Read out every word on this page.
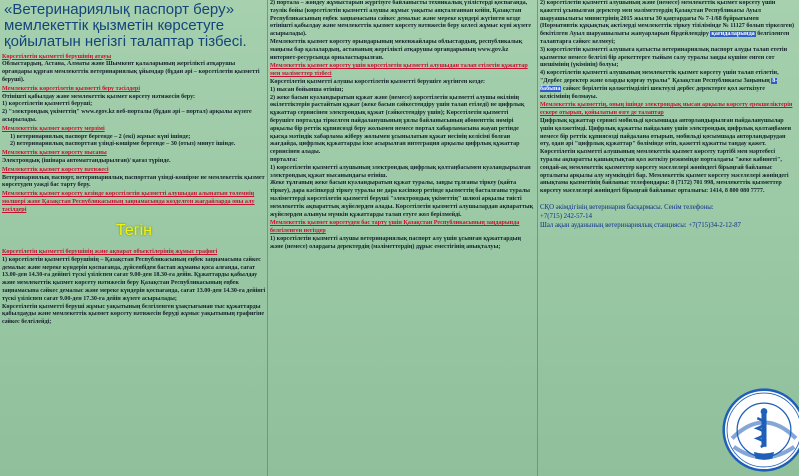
«Ветеринариялық паспорт беру» мемлекеттік қызметін көрсетуге қойылатын негізгі талаптар тізбесі.
Көрсетілетін қызметті берушінің атауы

Облыстардың, Астана, Алматы және Шымкент қалаларының жергілікті атқарушы органдары құрған мемлекеттік ветеринариялық ұйымдар (бұдан әрі – көрсетілетін қызметті беруші).

Мемлекеттік көрсетілетін қызметті беру тәсілдері

Өтінішті қабылдау және мемлекеттік қызмет көрсету нәтижесін беру:

1) көрсетілетін қызметті беруші;

2) "электрондық үкіметтің" www.egov.kz веб-порталы (бұдан әрі – портал) арқылы жүзеге асырылады.

Мемлекеттік қызмет көрсету мерзімі

1) ветеринариялық паспорт бергенде – 2 (екі) жұмыс күні ішінде;

2) ветеринариялық паспорттан үзінді-көшірме бергенде – 30 (отыз) минут ішінде.

Мемлекеттік қызмет көрсету нысаны

Электрондық (ішінара автоматтандырылған)/ қағаз түрінде.

Мемлекеттік қызмет көрсету нәтижесі

Ветеринариялық паспорт, ветеринариялық паспорттан үзінді-көшірме не мемлекеттік қызмет көрсетуден уәжді бас тарту беру.

Мемлекеттік қызмет көрсету кезінде көрсетілетін қызметті алушыдан алынатын төлемнің мөлшері және Қазақстан Республикасының заңнамасында көзделген жағдайларда оны алу тәсілдері
Тегін
Көрсетілетін қызметті берушінің және ақпарат объектілерінің жұмыс графигі

1) көрсетілетін қызметті берушінің – Қазақстан Республикасының еңбек заңнамасына сәйкес демалыс және мереке күндерін қоспағанда, дүйсенбіден бастап жұманы қоса алғанда, сағат 13.00-ден 14.30-ға дейінгі түскі үзіліспен сағат 9.00-ден 18.30-ға дейін. Құжаттарды қабылдау және мемлекеттік қызмет көрсету нәтижесін беру Қазақстан Республикасының еңбек заңнамасына сәйкес демалыс және мереке күндерін қоспағанда, сағат 13.00-ден 14.30-ға дейінгі түскі үзіліспен сағат 9.00-ден 17.30-ға дейін жүзеге асырылады;

Көрсетілетін қызметті беруші жұмыс уақытының белгіленген ұзақтығынан тыс құжаттарды қабылдауды және мемлекеттік қызмет көрсету нәтижесін беруді жұмыс уақытының графигіне сәйкес белгілейді;

2) портала – жөндеу жұмыстарын жүргізуге байланысты техникалық үзілістерді қоспағанда, тәулік бойы (көрсетілетін қызметті алушы жұмыс уақыты аяқталғаннан кейін, Қазақстан Республикасының еңбек заңнамасына сәйкес демалыс және мереке күндері жүгінген кезде өтініштi қабылдау және мемлекеттік қызмет көрсету нәтижесін беру келесі жұмыс күні жүзеге асырылады).

Мемлекеттік қызмет көрсету орындарының мекенжайлары облыстардың, республикалық маңызы бар қалалардың, астананың жергілікті атқарушы органдарының www.gov.kz интернет-ресурсында орналастырылған.

Мемлекеттік қызмет көрсету үшін көрсетілетін қызметті алушыдан талап етілетін құжаттар мен мәліметтер тізбесі

Көрсетілетін қызметті алушы көрсетілетін қызметті берушіге жүгінген кезде:

1) нысан бойынша өтініш;

2) жеке басын куәландыратын құжат және (немесе) көрсетілетін қызметті алушы өкілінің өкілеттіктерін растайтын құжат (жеке басын сәйкестендіру үшін талап етіледі) не цифрлық құжаттар сервисінен электрондық құжат (сәйкестендіру үшін); Көрсетілетін қызметті берушіге порталда тіркелген пайдаланушының ұялы байланысының абоненттік нөмірі арқылы бір реттік құпиясөзді беру жолымен немесе портал хабарламасына жауап ретінде қысқа мәтіндік хабарлама жіберу жолымен ұсынылатын құжат иесінің келісімі болған жағдайда, цифрлық құжаттарды іске асырылған интеграция арқылы цифрлық құжаттар сервисінен алады.

порталға:

1) көрсетілетін қызметті алушының электрондық цифрлық қолтаңбасымен куәландырылған электрондық құжат нысанындағы өтініш.

Жеке тұлғаның жеке басын куәландыратын құжат туралы, заңды тұлғаны тіркеу (қайта тіркеу), дара кәсіпкерді тіркеу туралы не дара кәсіпкер ретінде қызметтің басталғаны туралы мәліметтерді көрсетілетін қызметті беруші "электрондық үкіметтің" шлюзі арқылы тиісті мемлекеттік ақпараттық жүйелерден алады. Көрсетілетін қызметті алушылардан ақпараттық жүйелерден алынуы мүмкін құжаттарды талап етуге жол берілмейді.

Мемлекеттік қызмет көрсетуден бас тарту үшін Қазақстан Республикасының заңдарында белгіленген негіздер

1) көрсетілетін қызметті алушы ветеринариялық паспорт алу үшін ұсынған құжаттардың және (немесе) олардағы деректердің (мәліметтердің) дұрыс еместігінің анықталуы;

2) көрсетілетін қызметті алушының және (немесе) мемлекеттік қызмет көрсету үшін қажетті ұсынылған деректер мен мәліметтердің Қазақстан Республикасы Ауыл шаруашылығы министрінің 2015 жылғы 30 қаңтардағы № 7-1/68 бұйрығымен (Нормативтік құқықтық актілерді мемлекеттік тіркеу тізілімінде № 11127 болып тіркелген) бекітілген Ауыл шаруашылығы жануарларын бірдейлендіру қағидаларында белгіленген талаптарға сәйкес келмеуі;

3) көрсетілетін қызметті алушыға қатысты ветеринариялық паспорт алуды талап ететін қызметке немесе белгілі бір әрекеттерге тыйым салу туралы заңды күшіне енген сот шешімінің (үкімінің) болуы;

4) көрсетілетін қызметті алушының мемлекеттік қызмет көрсету үшін талап етілетін, "Дербес деректер және оларды қорғау туралы" Қазақстан Республикасы Заңының 8-бабына сәйкес берілетін қолжетімділігі шектеулі дербес деректерге қол жеткізуге келісімінің болмауы.

Мемлекеттік қызметтің, оның ішінде электрондық нысан арқылы көрсету ерекшеліктерін ескере отырып, қойылатын өзге де талаптар

Цифрлық құжаттар сервисі мобильді қосымшада авторландырылған пайдаланушылар үшін қолжетімді. Цифрлық құжатты пайдалану үшін электрондық цифрлық қолтаңбамен немесе бір реттік құпиясөзді пайдалана отырып, мобильді қосымшада авторландырудан өту, одан әрі "цифрлық құжаттар" бөлімінде өтіп, қажетті құжатты таңдау қажет. Көрсетілетін қызметті алушының мемлекеттік қызмет көрсету тәртібі мен мәртебесі туралы ақпаратты қашықтықтан қол жеткізу режимінде порталдағы "жеке кабинеті", сондай-ақ мемлекеттік қызметтер көрсету мәселелері жөніндегі бірыңғай байланыс орталығы арқылы алу мүмкіндігі бар. Мемлекеттік қызмет көрсету мәселелері жөніндегі анықтама қызметінің байланыс телефондары: 8 (7172) 701 998, мемлекеттік қызметтер көрсету мәселелері жөніндегі бірыңғай байланыс орталығы: 1414, 8 800 080 7777.

СҚО әкімдігінің ветеринария басқармасы. Сенім телефоны:

+7(715) 242-57-14

Шал ақын ауданының ветеринариялық станциясы: +7(715)34-2-12-87
